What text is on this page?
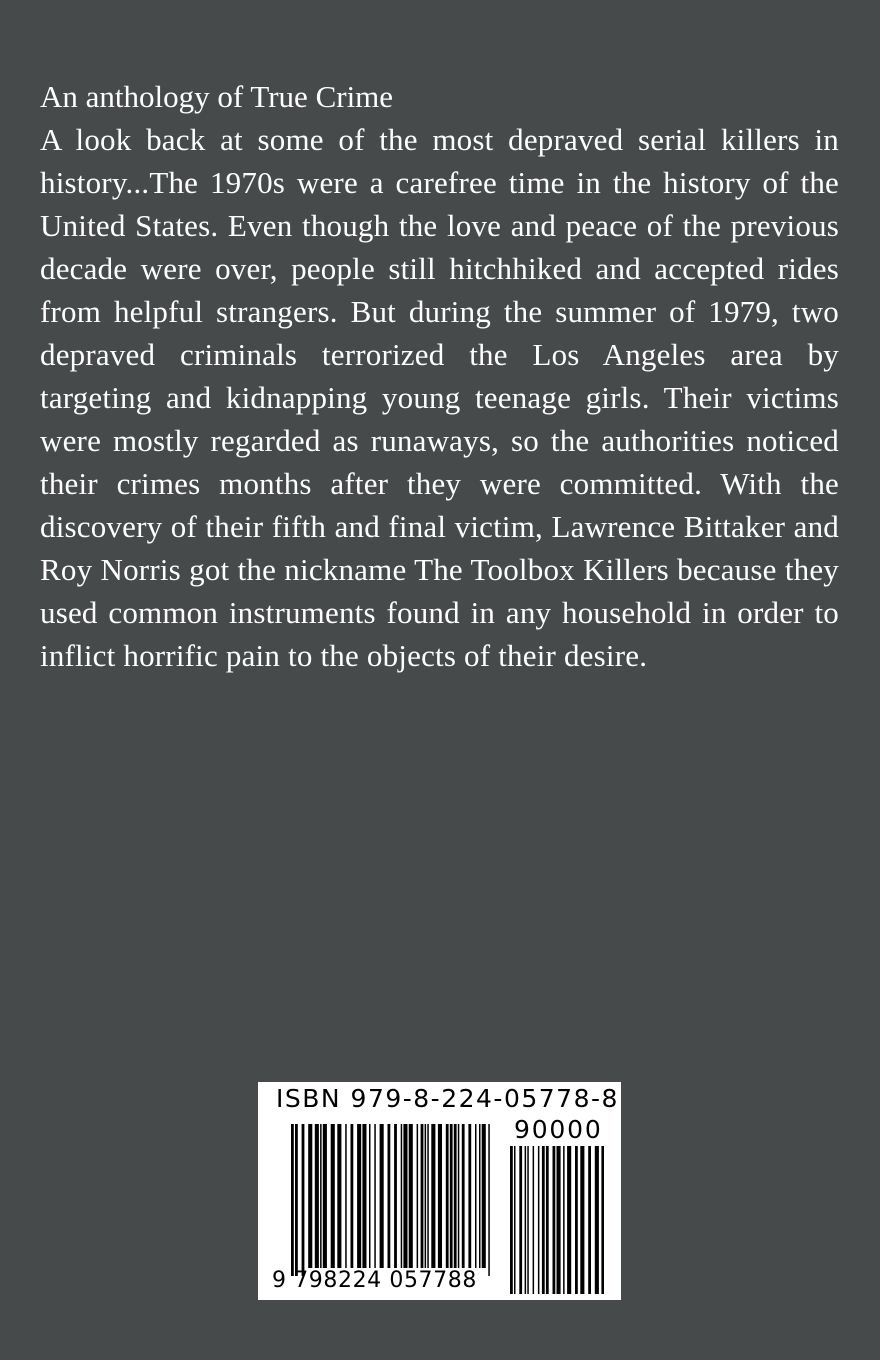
An anthology of True Crime

A look back at some of the most depraved serial killers in history...The 1970s were a carefree time in the history of the United States. Even though the love and peace of the previous decade were over, people still hitchhiked and accepted rides from helpful strangers. But during the summer of 1979, two depraved criminals terrorized the Los Angeles area by targeting and kidnapping young teenage girls. Their victims were mostly regarded as runaways, so the authorities noticed their crimes months after they were committed. With the discovery of their fifth and final victim, Lawrence Bittaker and Roy Norris got the nickname The Toolbox Killers because they used common instruments found in any household in order to inflict horrific pain to the objects of their desire.

ISBN 979-8-224-05778-8
90000
9 798224 057788
